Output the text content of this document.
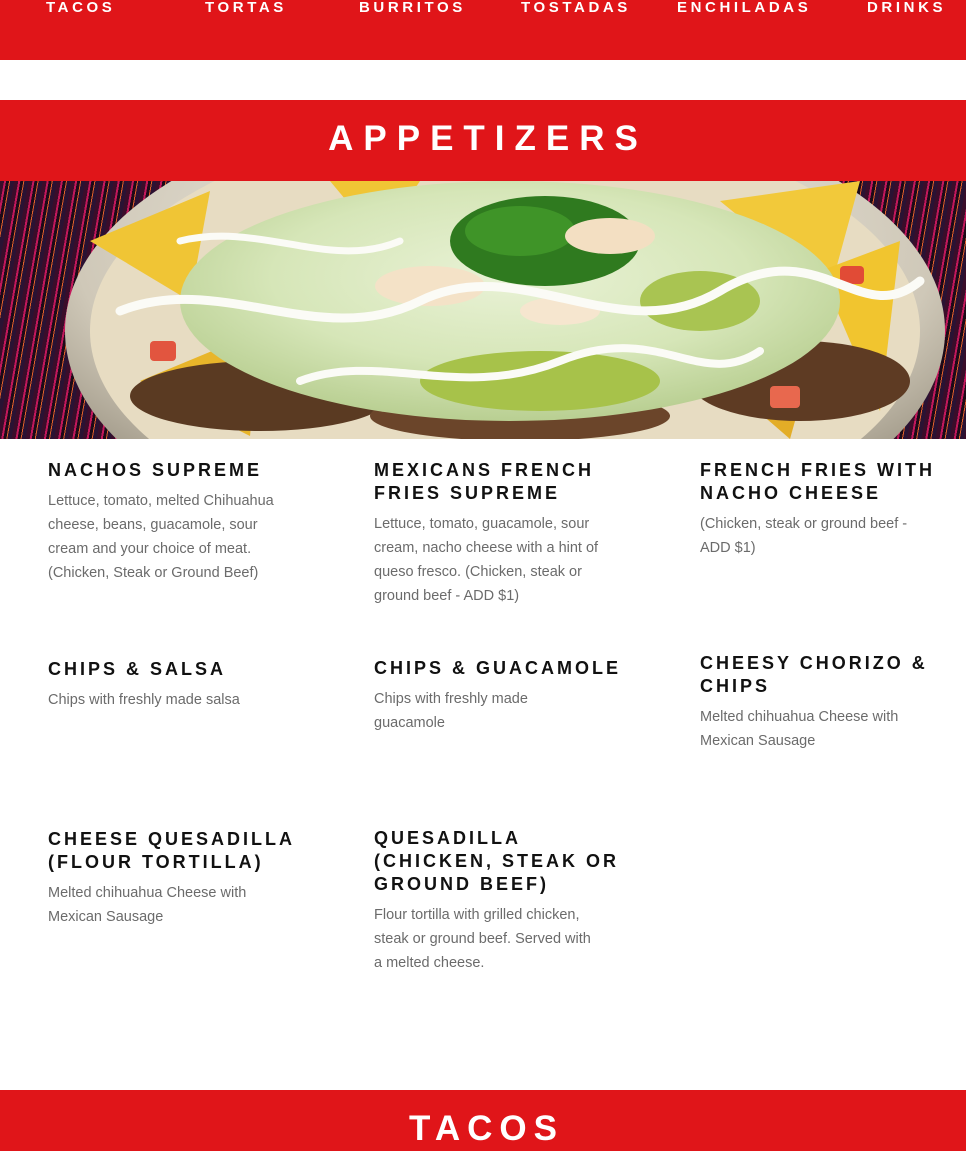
TACOS	TORTAS	BURRITOS	TOSTADAS	ENCHILADAS	DRINKS
APPETIZERS
NACHOS SUPREME

Lettuce, tomato, melted Chihuahua cheese, beans, guacamole, sour cream and your choice of meat. (Chicken, Steak or Ground Beef)

MEXICANS FRENCH FRIES SUPREME

Lettuce, tomato, guacamole, sour cream, nacho cheese with a hint of queso fresco. (Chicken, steak or ground beef - ADD $1)

FRENCH FRIES WITH NACHO CHEESE

(Chicken, steak or ground beef - ADD $1)

CHIPS & SALSA

Chips with freshly made salsa

CHIPS & GUACAMOLE

Chips with freshly made guacamole

CHEESY CHORIZO & CHIPS

Melted chihuahua Cheese with Mexican Sausage

CHEESE QUESADILLA (FLOUR TORTILLA)

Melted chihuahua Cheese with Mexican Sausage

QUESADILLA (CHICKEN, STEAK OR GROUND BEEF)

Flour tortilla with grilled chicken, steak or ground beef. Served with a melted cheese.

TACOS
